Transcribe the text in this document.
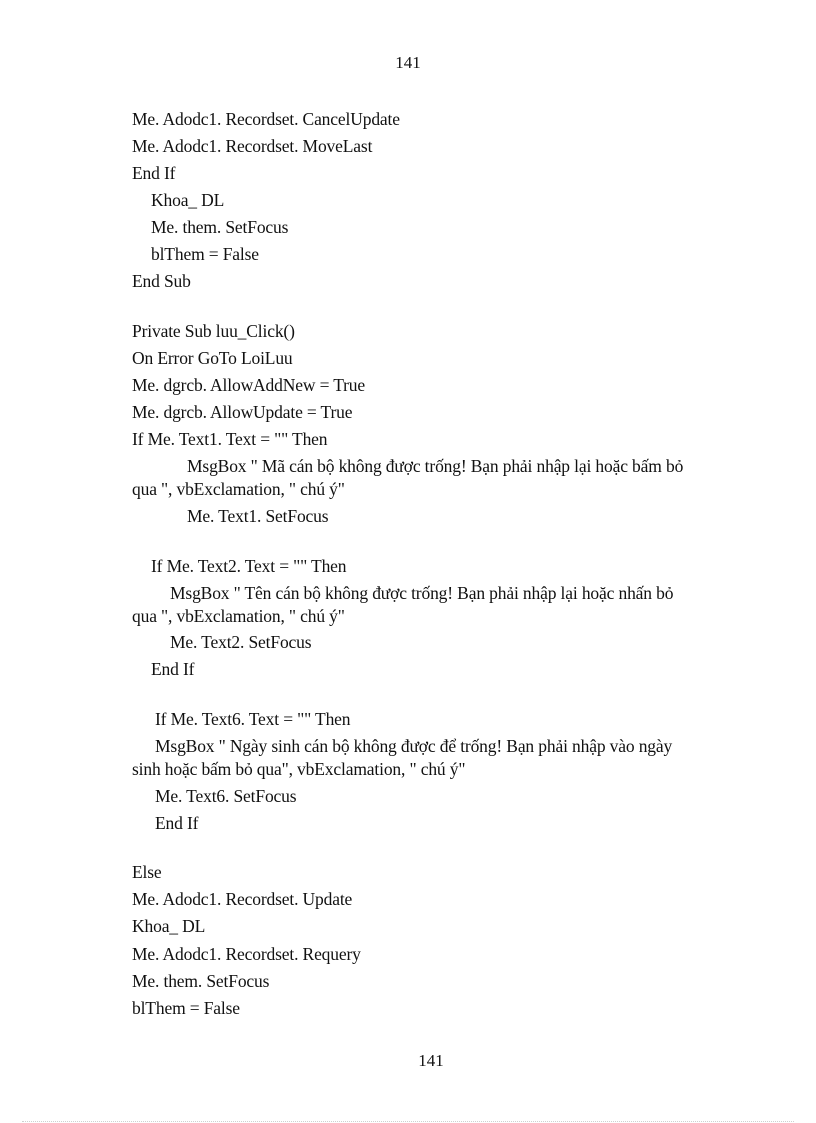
141
Me. Adodc1. Recordset. CancelUpdate
Me. Adodc1. Recordset. MoveLast
End If
Khoa_ DL
Me. them. SetFocus
blThem = False
End Sub
Private Sub luu_Click()
On Error GoTo LoiLuu
Me. dgrcb. AllowAddNew = True
Me. dgrcb. AllowUpdate = True
If Me. Text1. Text = "" Then
MsgBox " Mã cán bộ không được trống! Bạn phải nhập lại hoặc bấm bỏ
qua ", vbExclamation, " chú ý"
Me. Text1. SetFocus
If Me. Text2. Text = "" Then
MsgBox " Tên cán bộ không được trống! Bạn phải nhập lại hoặc nhấn bỏ
qua ", vbExclamation, " chú ý"
Me. Text2. SetFocus
End If
If Me. Text6. Text = "" Then
MsgBox " Ngày sinh cán bộ không được để trống! Bạn phải nhập vào ngày
sinh hoặc bấm bỏ qua", vbExclamation, " chú ý"
Me. Text6. SetFocus
End If
Else
Me. Adodc1. Recordset. Update
Khoa_ DL
Me. Adodc1. Recordset. Requery
Me. them. SetFocus
blThem = False
141
